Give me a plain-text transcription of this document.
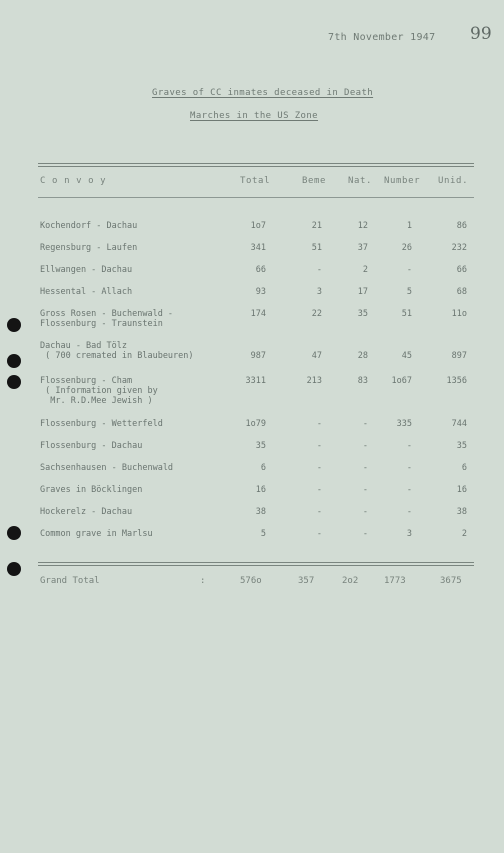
7th November 1947 99
Graves of CC inmates deceased in Death
Marches in the US Zone
C o n v o y	Total	Beme Nat. Number Unid.
Kochendorf - Dachau	1o7	21	12	1	86
Regensburg - Laufen	341	51	37	26	232
Ellwangen - Dachau	66	-	2	-	66
Hessental - Allach	93	3	17	5	68
Gross Rosen - Buchenwald -
Flossenburg - Traunstein
174	22	35	51	11o
Dachau - Bad Tölz
( 700 cremated in Blaubeuren)	987	47	28	45	897
Flossenburg - Cham
( Information given by
Mr. R.D.Mee Jewish )
3311	213	83	1o67	1356
Flossenburg - Wetterfeld	1o79	-	-	335	744
Flossenburg - Dachau	35	-	-	-	35
Sachsenhausen - Buchenwald	6	-	-	-	6
Graves in Böcklingen	16	-	-	-	16
Hockerelz - Dachau	38	-	-	-	38
Common grave in Marlsu	5	-	-	3	2
Grand Total	:	576o	357	2o2	1773	3675
